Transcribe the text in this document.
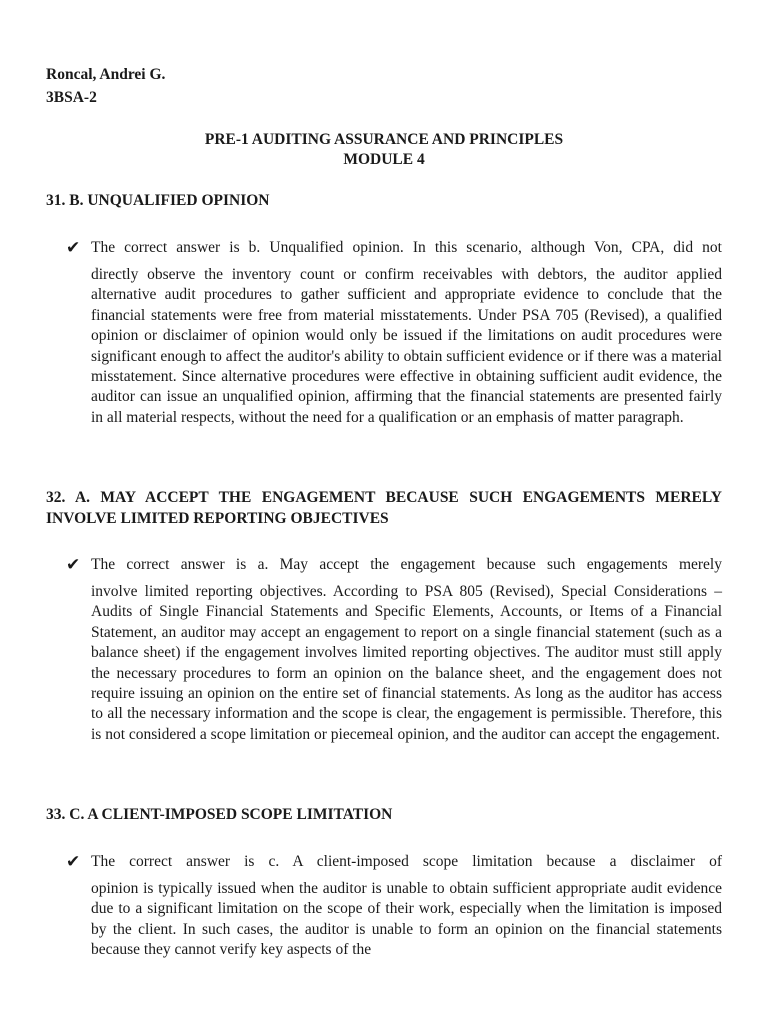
Roncal, Andrei G.
3BSA-2
PRE-1 AUDITING ASSURANCE AND PRINCIPLES
MODULE 4
31. B. UNQUALIFIED OPINION
✔ The correct answer is b. Unqualified opinion. In this scenario, although Von, CPA, did not
directly observe the inventory count or confirm receivables with debtors, the auditor applied alternative audit procedures to gather sufficient and appropriate evidence to conclude that the financial statements were free from material misstatements. Under PSA 705 (Revised), a qualified opinion or disclaimer of opinion would only be issued if the limitations on audit procedures were significant enough to affect the auditor's ability to obtain sufficient evidence or if there was a material misstatement. Since alternative procedures were effective in obtaining sufficient audit evidence, the auditor can issue an unqualified opinion, affirming that the financial statements are presented fairly in all material respects, without the need for a qualification or an emphasis of matter paragraph.
32. A. MAY ACCEPT THE ENGAGEMENT BECAUSE SUCH ENGAGEMENTS MERELY INVOLVE LIMITED REPORTING OBJECTIVES
✔ The correct answer is a. May accept the engagement because such engagements merely
involve limited reporting objectives. According to PSA 805 (Revised), Special Considerations – Audits of Single Financial Statements and Specific Elements, Accounts, or Items of a Financial Statement, an auditor may accept an engagement to report on a single financial statement (such as a balance sheet) if the engagement involves limited reporting objectives. The auditor must still apply the necessary procedures to form an opinion on the balance sheet, and the engagement does not require issuing an opinion on the entire set of financial statements. As long as the auditor has access to all the necessary information and the scope is clear, the engagement is permissible. Therefore, this is not considered a scope limitation or piecemeal opinion, and the auditor can accept the engagement.
33. C. A CLIENT-IMPOSED SCOPE LIMITATION
✔ The correct answer is c. A client-imposed scope limitation because a disclaimer of
opinion is typically issued when the auditor is unable to obtain sufficient appropriate audit evidence due to a significant limitation on the scope of their work, especially when the limitation is imposed by the client. In such cases, the auditor is unable to form an opinion on the financial statements because they cannot verify key aspects of the
